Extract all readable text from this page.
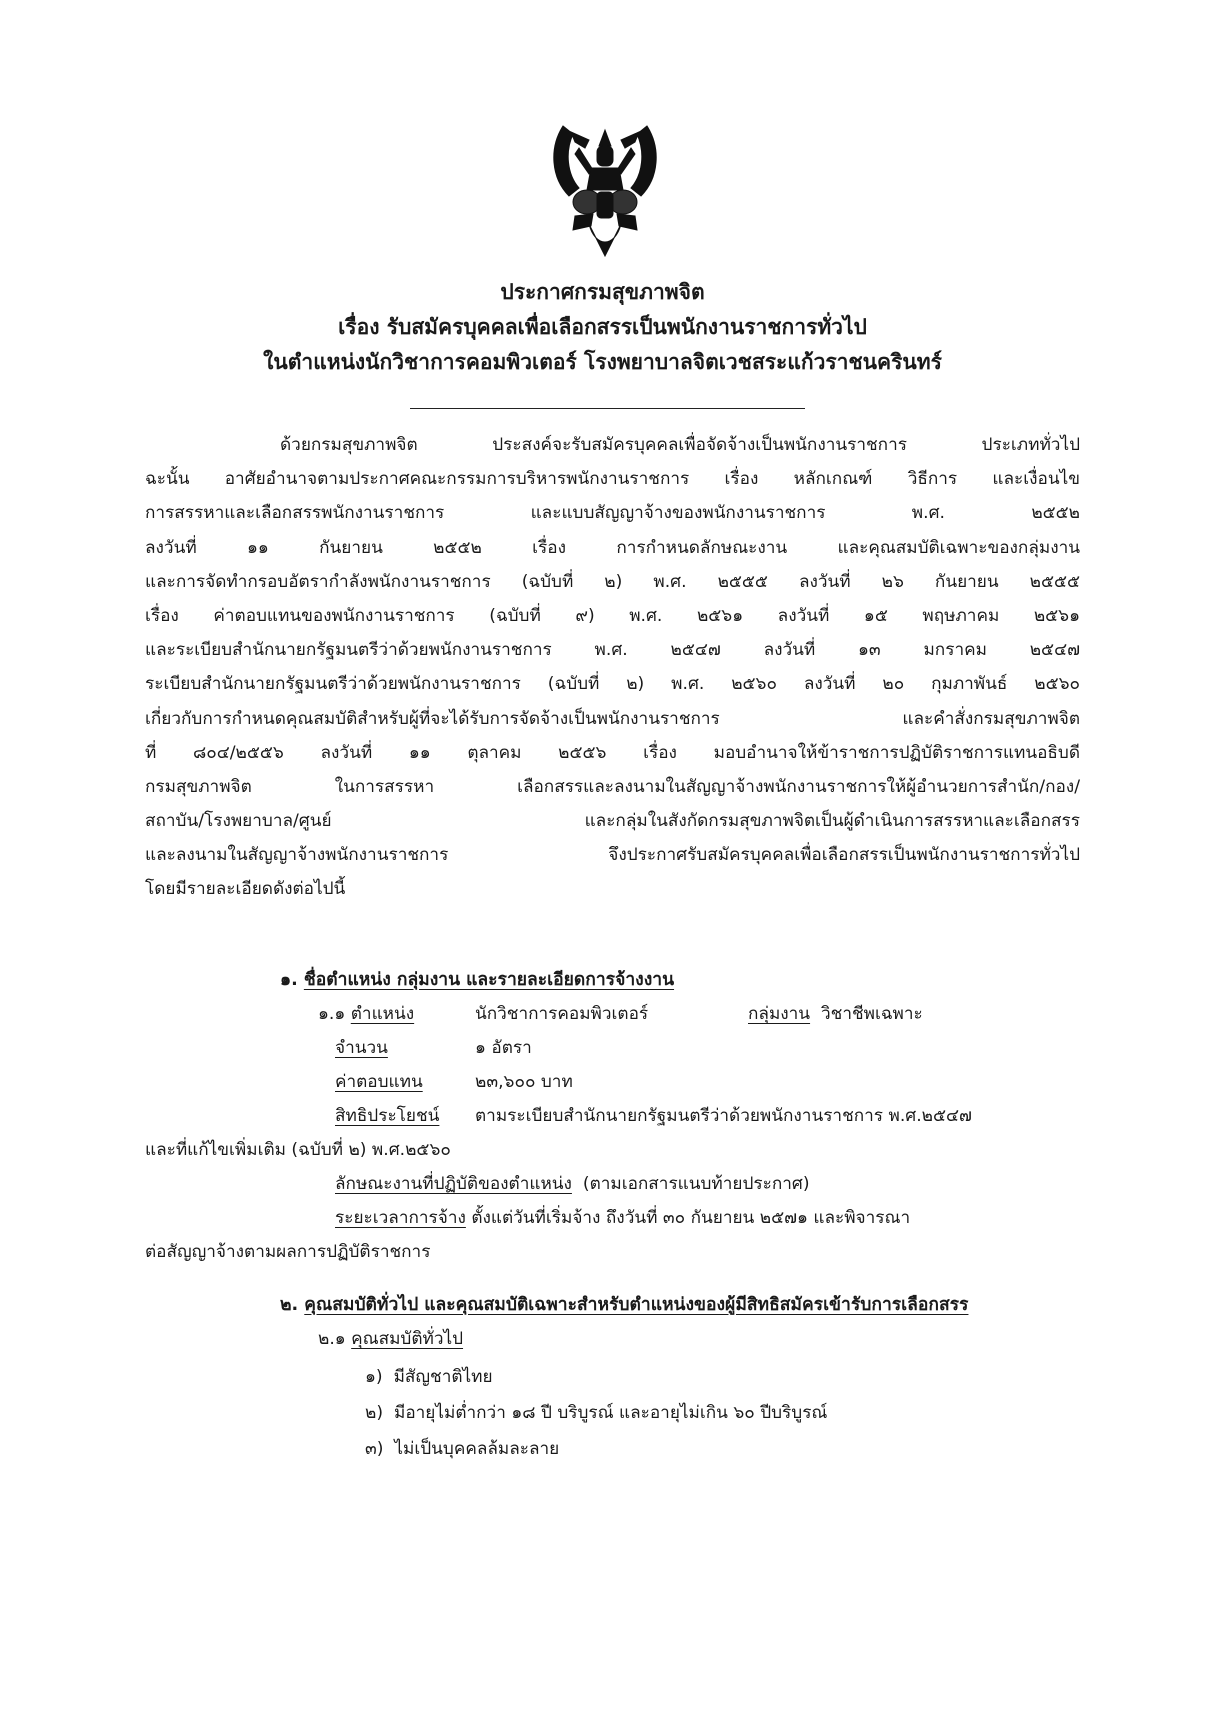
ประกาศกรมสุขภาพจิต
เรื่อง รับสมัครบุคคลเพื่อเลือกสรรเป็นพนักงานราชการทั่วไป
ในตำแหน่งนักวิชาการคอมพิวเตอร์ โรงพยาบาลจิตเวชสระแก้วราชนครินทร์
ด้วยกรมสุขภาพจิต ประสงค์จะรับสมัครบุคคลเพื่อจัดจ้างเป็นพนักงานราชการ ประเภททั่วไป
ฉะนั้น อาศัยอำนาจตามประกาศคณะกรรมการบริหารพนักงานราชการ เรื่อง หลักเกณฑ์ วิธีการ และเงื่อนไข
การสรรหาและเลือกสรรพนักงานราชการ และแบบสัญญาจ้างของพนักงานราชการ พ.ศ. ๒๕๕๒
ลงวันที่ ๑๑ กันยายน ๒๕๕๒ เรื่อง การกำหนดลักษณะงาน และคุณสมบัติเฉพาะของกลุ่มงาน
และการจัดทำกรอบอัตรากำลังพนักงานราชการ (ฉบับที่ ๒) พ.ศ. ๒๕๕๕ ลงวันที่ ๒๖ กันยายน ๒๕๕๕
เรื่อง ค่าตอบแทนของพนักงานราชการ (ฉบับที่ ๙) พ.ศ. ๒๕๖๑ ลงวันที่ ๑๕ พฤษภาคม ๒๕๖๑
และระเบียบสำนักนายกรัฐมนตรีว่าด้วยพนักงานราชการ พ.ศ. ๒๕๔๗ ลงวันที่ ๑๓ มกราคม ๒๕๔๗
ระเบียบสำนักนายกรัฐมนตรีว่าด้วยพนักงานราชการ (ฉบับที่ ๒) พ.ศ. ๒๕๖๐ ลงวันที่ ๒๐ กุมภาพันธ์ ๒๕๖๐
เกี่ยวกับการกำหนดคุณสมบัติสำหรับผู้ที่จะได้รับการจัดจ้างเป็นพนักงานราชการ และคำสั่งกรมสุขภาพจิต
ที่ ๘๐๔/๒๕๕๖ ลงวันที่ ๑๑ ตุลาคม ๒๕๕๖ เรื่อง มอบอำนาจให้ข้าราชการปฏิบัติราชการแทนอธิบดี
กรมสุขภาพจิต ในการสรรหา เลือกสรรและลงนามในสัญญาจ้างพนักงานราชการให้ผู้อำนวยการสำนัก/กอง/
สถาบัน/โรงพยาบาล/ศูนย์ และกลุ่มในสังกัดกรมสุขภาพจิตเป็นผู้ดำเนินการสรรหาและเลือกสรร
และลงนามในสัญญาจ้างพนักงานราชการ จึงประกาศรับสมัครบุคคลเพื่อเลือกสรรเป็นพนักงานราชการทั่วไป
โดยมีรายละเอียดดังต่อไปนี้
๑. ชื่อตำแหน่ง กลุ่มงาน และรายละเอียดการจ้างงาน
๑.๑ ตำแหน่ง	นักวิชาการคอมพิวเตอร์	กลุ่มงาน วิชาชีพเฉพาะ
จำนวน	๑ อัตรา
ค่าตอบแทน	๒๓,๖๐๐ บาท
สิทธิประโยชน์ ตามระเบียบสำนักนายกรัฐมนตรีว่าด้วยพนักงานราชการ พ.ศ.๒๕๔๗
และที่แก้ไขเพิ่มเติม (ฉบับที่ ๒) พ.ศ.๒๕๖๐
ลักษณะงานที่ปฏิบัติของตำแหน่ง (ตามเอกสารแนบท้ายประกาศ)
ระยะเวลาการจ้าง ตั้งแต่วันที่เริ่มจ้าง ถึงวันที่ ๓๐ กันยายน ๒๕๗๑ และพิจารณา
ต่อสัญญาจ้างตามผลการปฏิบัติราชการ
๒. คุณสมบัติทั่วไป และคุณสมบัติเฉพาะสำหรับตำแหน่งของผู้มีสิทธิสมัครเข้ารับการเลือกสรร
๒.๑ คุณสมบัติทั่วไป
๑) มีสัญชาติไทย
๒) มีอายุไม่ต่ำกว่า ๑๘ ปี บริบูรณ์ และอายุไม่เกิน ๖๐ ปีบริบูรณ์
๓) ไม่เป็นบุคคลล้มละลาย
